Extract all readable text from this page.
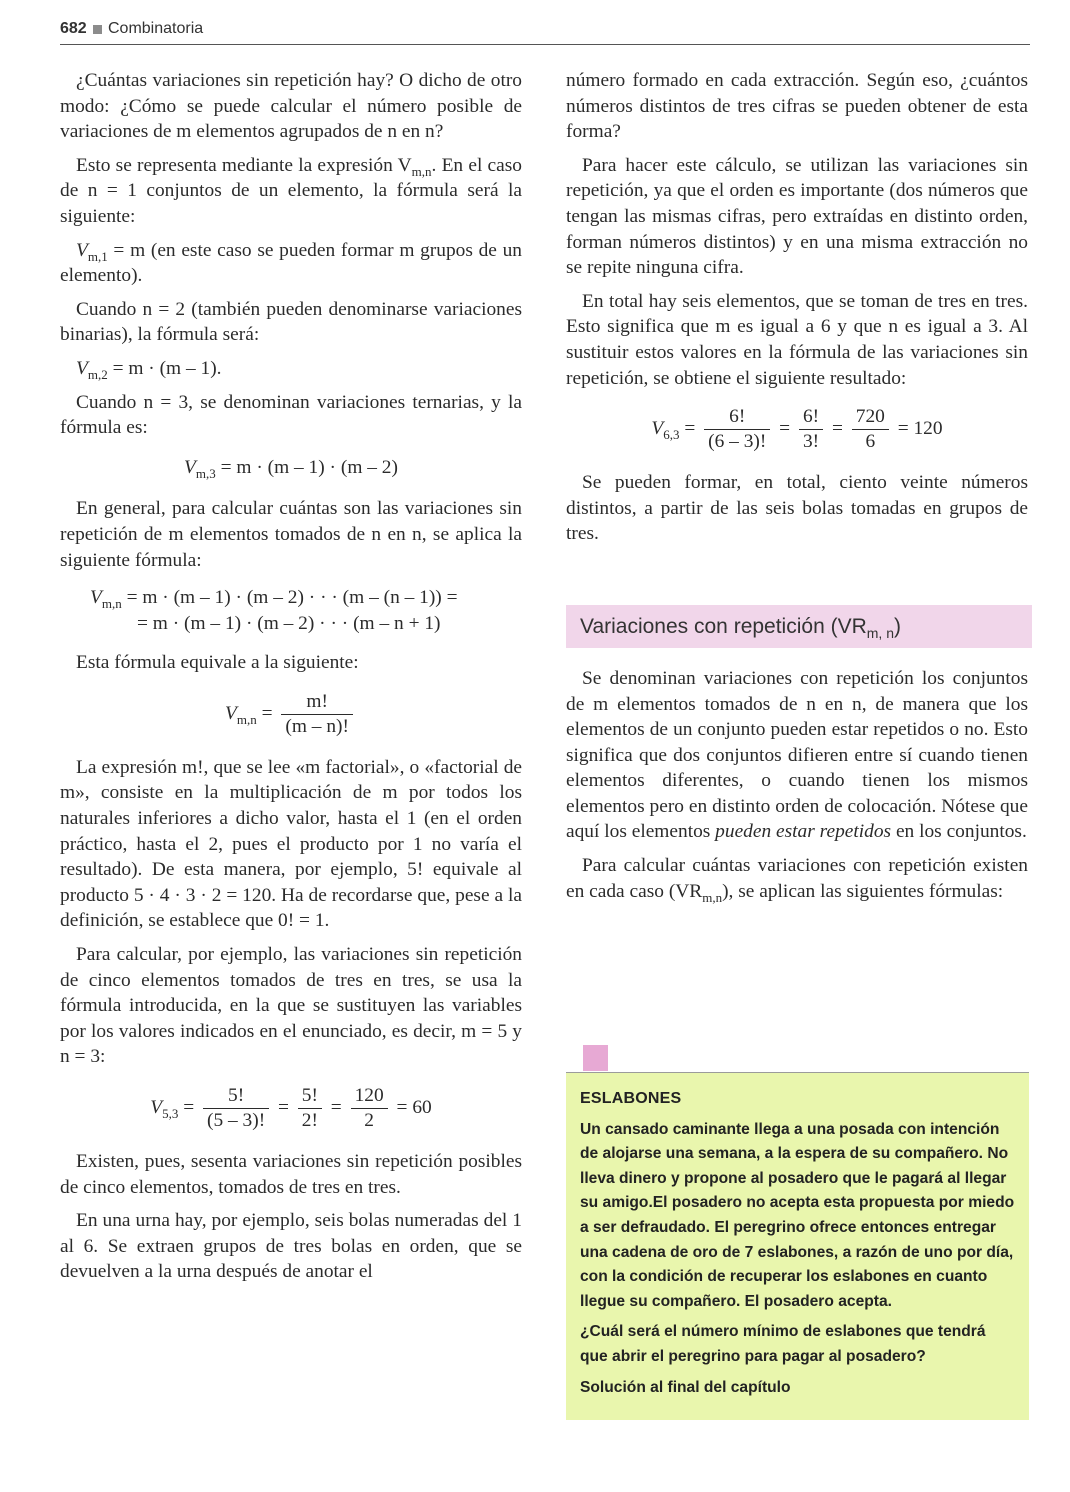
682 Combinatoria

¿Cuántas variaciones sin repetición hay? O dicho de otro modo: ¿Cómo se puede calcular el número posible de variaciones de m elementos agrupados de n en n?

Esto se representa mediante la expresión $V_{m,n}$. En el caso de n = 1 conjuntos de un elemento, la fórmula será la siguiente:

$V_{m,1} = m$ (en este caso se pueden formar m grupos de un elemento).

Cuando n = 2 (también pueden denominarse variaciones binarias), la fórmula será:

$V_{m,2} = m \cdot (m - 1)$.

Cuando n = 3, se denominan variaciones ternarias, y la fórmula es:

$V_{m,3} = m \cdot (m - 1) \cdot (m - 2)$

En general, para calcular cuántas son las variaciones sin repetición de m elementos tomados de n en n, se aplica la siguiente fórmula:

$V_{m,n} = m \cdot (m - 1) \cdot (m - 2)$ · · · (m – (n – 1)) =
= m · (m – 1) · (m – 2) · · · (m – n + 1)

Esta fórmula equivale a la siguiente:

$V_{m,n} = \frac{m!}{(m - n)!}$

La expresión m!, que se lee «m factorial», o «factorial de m», consiste en la multiplicación de m por todos los naturales inferiores a dicho valor, hasta el 1 (en el orden práctico, hasta el 2, pues el producto por 1 no varía el resultado). De esta manera, por ejemplo, 5! equivale al producto 5 · 4 · 3 · 2 = 120. Ha de recordarse que, pese a la definición, se establece que 0! = 1.

Para calcular, por ejemplo, las variaciones sin repetición de cinco elementos tomados de tres en tres, se usa la fórmula introducida, en la que se sustituyen las variables por los valores indicados en el enunciado, es decir, m = 5 y n = 3:

$V_{5,3} = \frac{5!}{(5 - 3)!} = \frac{5!}{2!} = \frac{120}{2} = 60$

Existen, pues, sesenta variaciones sin repetición posibles de cinco elementos, tomados de tres en tres.

En una urna hay, por ejemplo, seis bolas numeradas del 1 al 6. Se extraen grupos de tres bolas en orden, que se devuelven a la urna después de anotar el

número formado en cada extracción. Según eso, ¿cuántos números distintos de tres cifras se pueden obtener de esta forma?

Para hacer este cálculo, se utilizan las variaciones sin repetición, ya que el orden es importante (dos números que tengan las mismas cifras, pero extraídas en distinto orden, forman números distintos) y en una misma extracción no se repite ninguna cifra.

En total hay seis elementos, que se toman de tres en tres. Esto significa que m es igual a 6 y que n es igual a 3. Al sustituir estos valores en la fórmula de las variaciones sin repetición, se obtiene el siguiente resultado:

$V_{6,3} = \frac{6!}{(6 - 3)!} = \frac{6!}{3!} = \frac{720}{6} = 120$

Se pueden formar, en total, ciento veinte números distintos, a partir de las seis bolas tomadas en grupos de tres.

Variaciones con repetición $(VR_{m, n})$

Se denominan variaciones con repetición los conjuntos de m elementos tomados de n en n, de manera que los elementos de un conjunto pueden estar repetidos o no. Esto significa que dos conjuntos difieren entre sí cuando tienen elementos diferentes, o cuando tienen los mismos elementos pero en distinto orden de colocación. Nótese que aquí los elementos pueden estar repetidos en los conjuntos.

Para calcular cuántas variaciones con repetición existen en cada caso $(VR_{m,n})$, se aplican las siguientes fórmulas:

ESLABONES

Un cansado caminante llega a una posada con intención de alojarse una semana, a la espera de su compañero. No lleva dinero y propone al posadero que le pagará al llegar su amigo.El posadero no acepta esta propuesta por miedo a ser defraudado. El peregrino ofrece entonces entregar una cadena de oro de 7 eslabones, a razón de uno por día, con la condición de recuperar los eslabones en cuanto llegue su compañero. El posadero acepta.

¿Cuál será el número mínimo de eslabones que tendrá que abrir el peregrino para pagar al posadero?

Solución al final del capítulo
